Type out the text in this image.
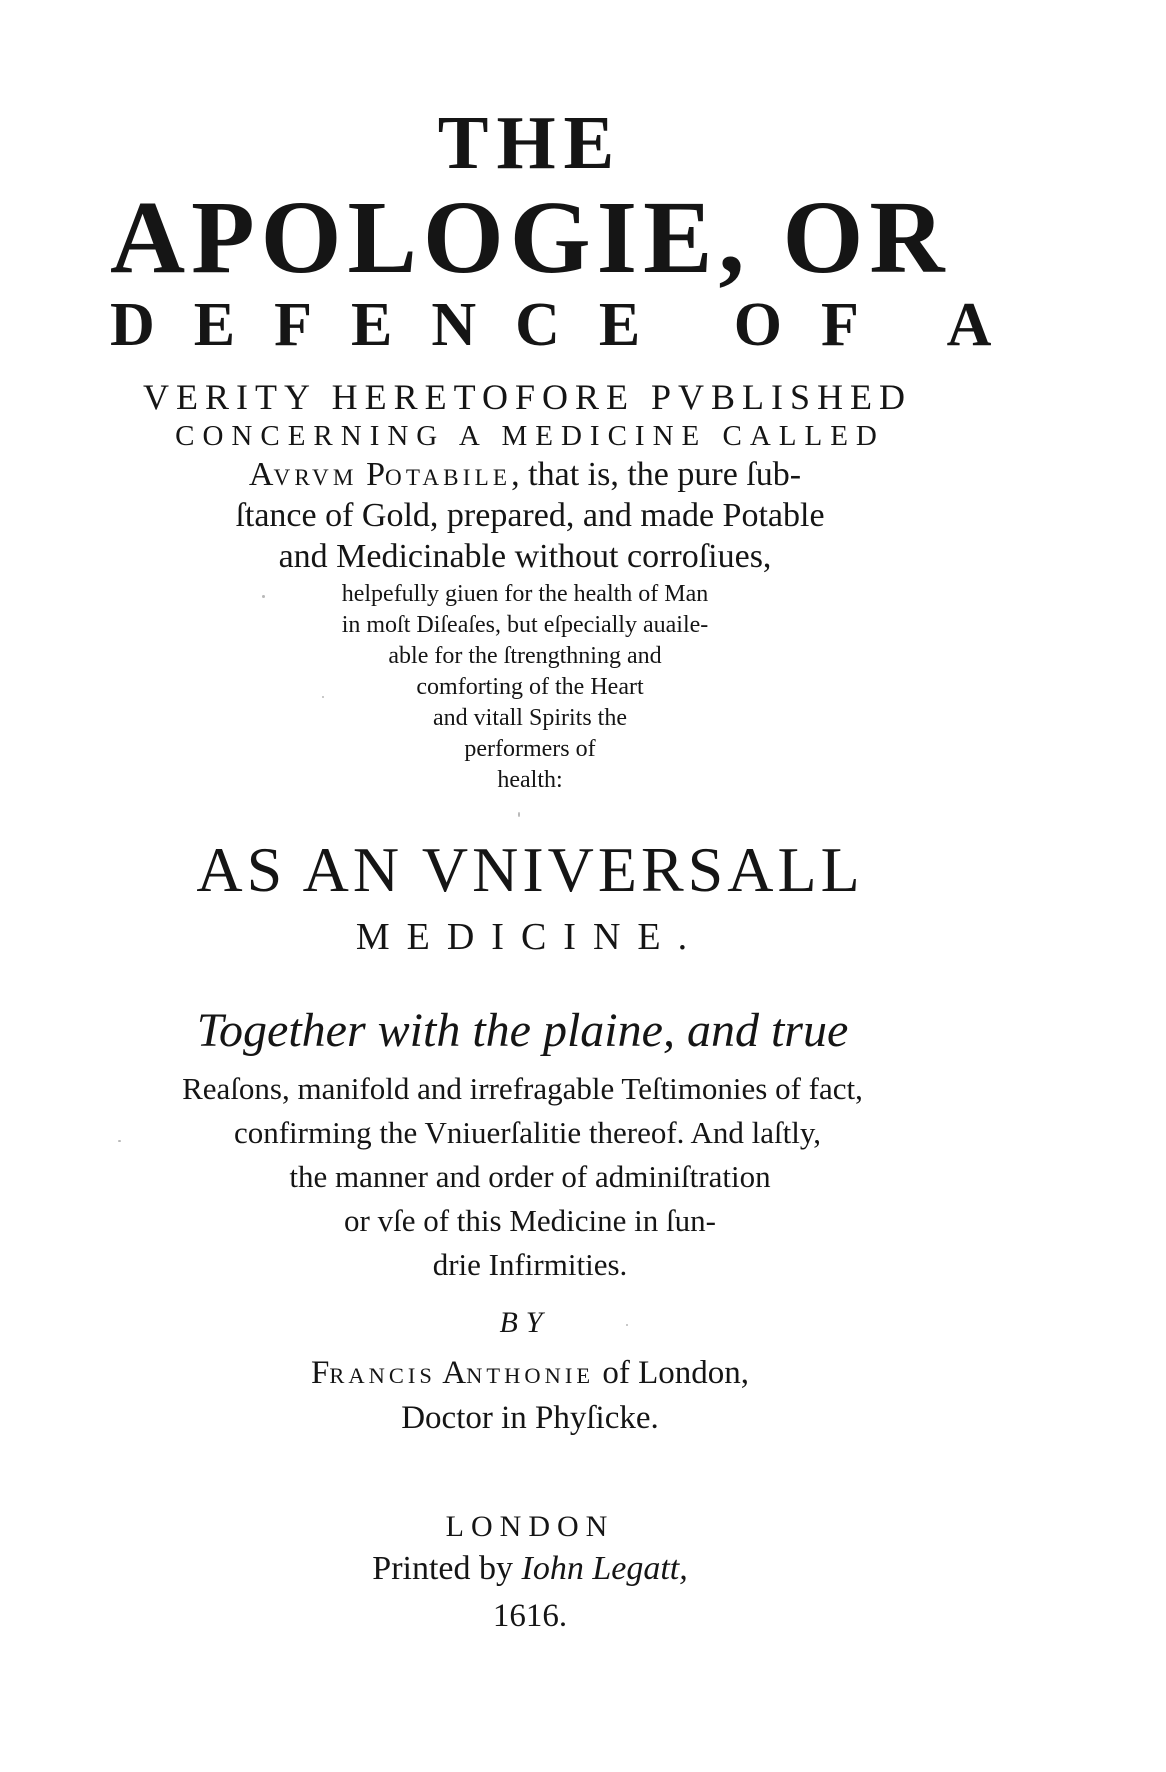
THE
APOLOGIE, OR
DEFENCE OF A
VERITY HERETOFORE PVBLISHED
CONCERNING A MEDICINE CALLED
AVRVM POTABILE, that is, the pure ſub-
ſtance of Gold, prepared, and made Potable
and Medicinable without corroſiues,
helpefully giuen for the health of Man
in moſt Diſeaſes, but eſpecially auaile-
able for the ſtrengthning and
comforting of the Heart
and vitall Spirits the
performers of
health:
AS AN VNIVERSALL
MEDICINE.
Together with the plaine, and true
Reaſons, manifold and irrefragable Teſtimonies of fact,
confirming the Vniuerſalitie thereof. And laſtly,
the manner and order of adminiſtration
or vſe of this Medicine in ſun-
drie Infirmities.
BY
FRANCIS ANTHONIE of London,
Doctor in Phyſicke.
LONDON
Printed by Iohn Legatt,
1616.
